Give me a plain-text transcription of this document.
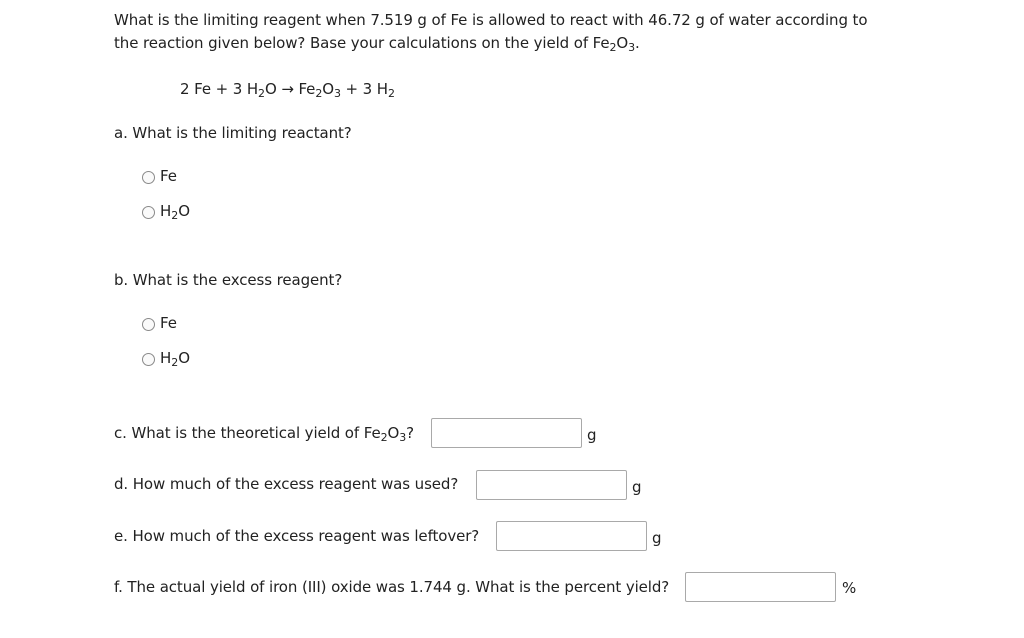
What is the limiting reagent when 7.519 g of Fe is allowed to react with 46.72 g of water according to
the reaction given below? Base your calculations on the yield of $Fe_2O_3$.
2 Fe + 3 $H_2O \to Fe_2O_3 + 3$ $H_2$
a. What is the limiting reactant?
Fe
$H_2O$
b. What is the excess reagent?
Fe
$H_2O$
c. What is the theoretical yield of $Fe_2O_3$?	g
d. How much of the excess reagent was used?	g
e. How much of the excess reagent was leftover?	g
f. The actual yield of iron (III) oxide was 1.744 g. What is the percent yield?	%
